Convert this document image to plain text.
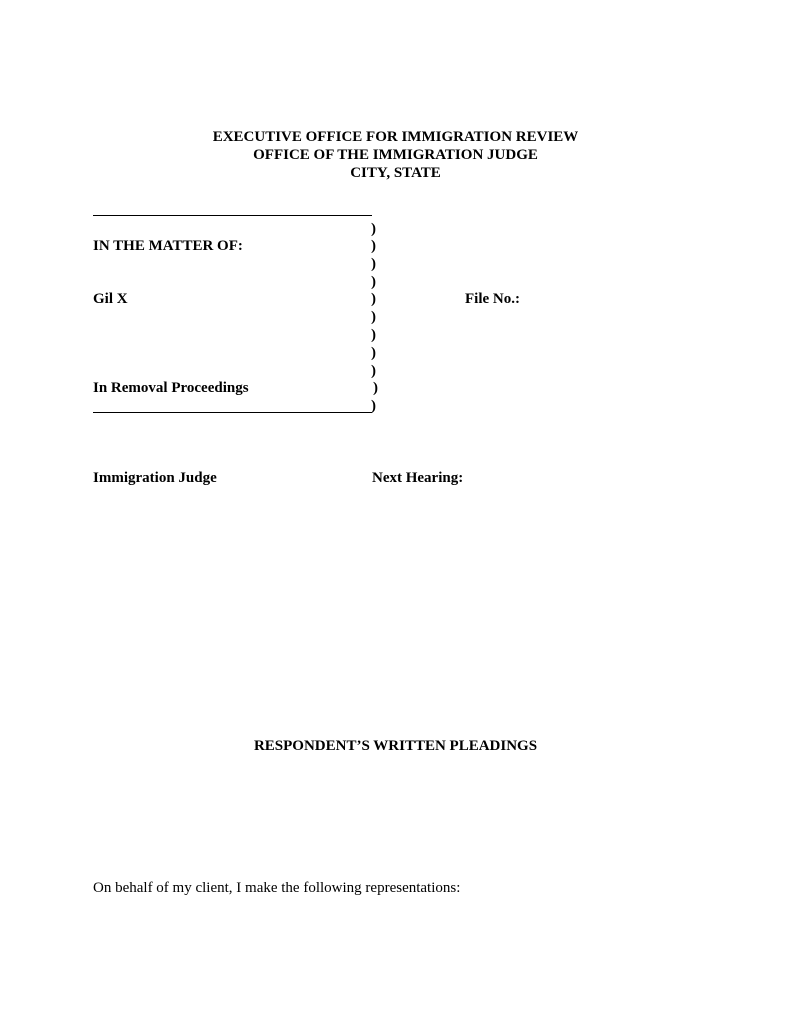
EXECUTIVE OFFICE FOR IMMIGRATION REVIEW
OFFICE OF THE IMMIGRATION JUDGE
CITY, STATE
)
)
)
)
)
)
)
)
)
)
)
IN THE MATTER OF:
Gil X	File No.:
In Removal Proceedings
Immigration Judge	Next Hearing:
RESPONDENT’S WRITTEN PLEADINGS
On behalf of my client, I make the following representations:
